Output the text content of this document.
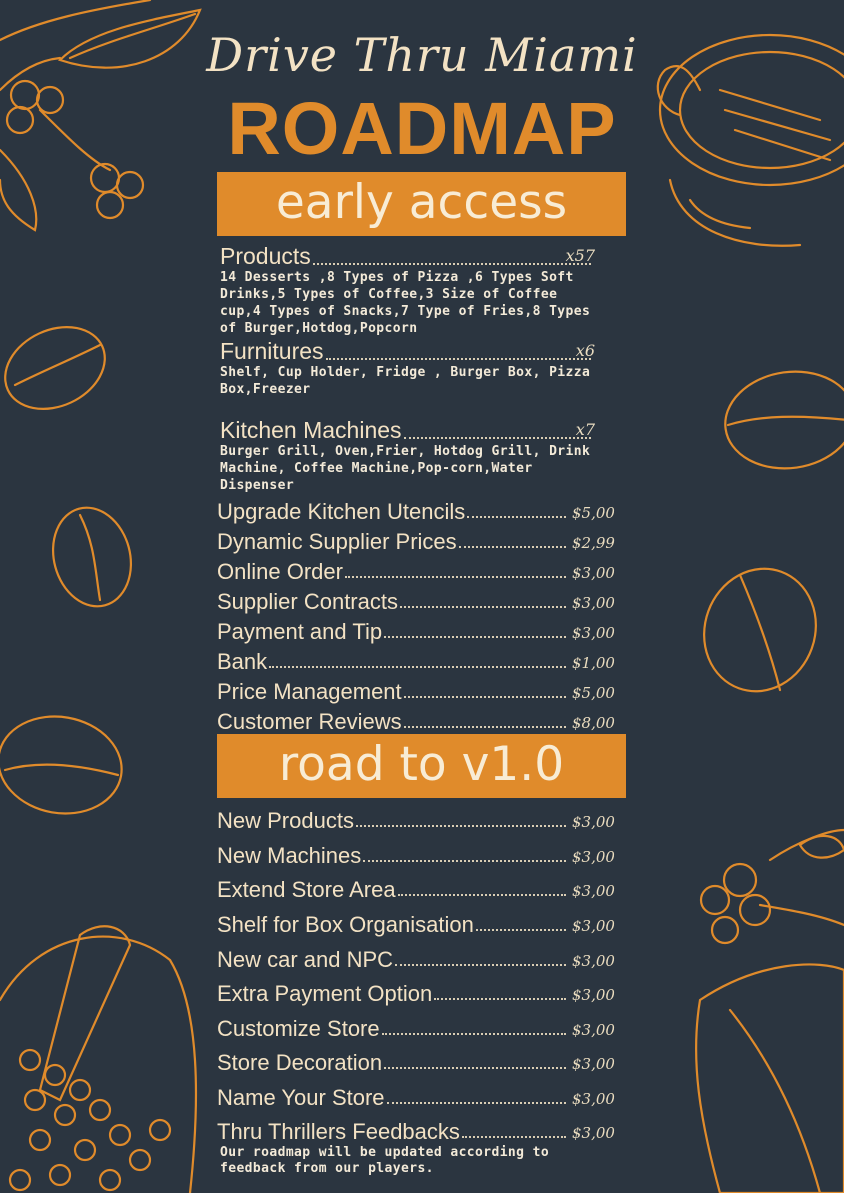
Drive Thru Miami
ROADMAP
early access
Products	x57
14 Desserts ,8 Types of Pizza ,6 Types Soft Drinks,5 Types of Coffee,3 Size of Coffee cup,4 Types of Snacks,7 Type of Fries,8 Types of Burger,Hotdog,Popcorn
Furnitures	x6
Shelf, Cup Holder, Fridge , Burger Box, Pizza Box,Freezer
Kitchen Machines	x7
Burger Grill, Oven,Frier, Hotdog Grill, Drink Machine, Coffee Machine,Pop-corn,Water Dispenser
Upgrade Kitchen Utencils	$5,00
Dynamic Supplier Prices	$2,99
Online Order	$3,00
Supplier Contracts	$3,00
Payment and Tip	$3,00
Bank	$1,00
Price Management	$5,00
Customer Reviews	$8,00
road to v1.0
New Products	$3,00
New Machines	$3,00
Extend Store Area	$3,00
Shelf for Box Organisation	$3,00
New car and NPC	$3,00
Extra Payment Option	$3,00
Customize Store	$3,00
Store Decoration	$3,00
Name Your Store	$3,00
Thru Thrillers Feedbacks	$3,00
Our roadmap will be updated according to feedback from our players.
